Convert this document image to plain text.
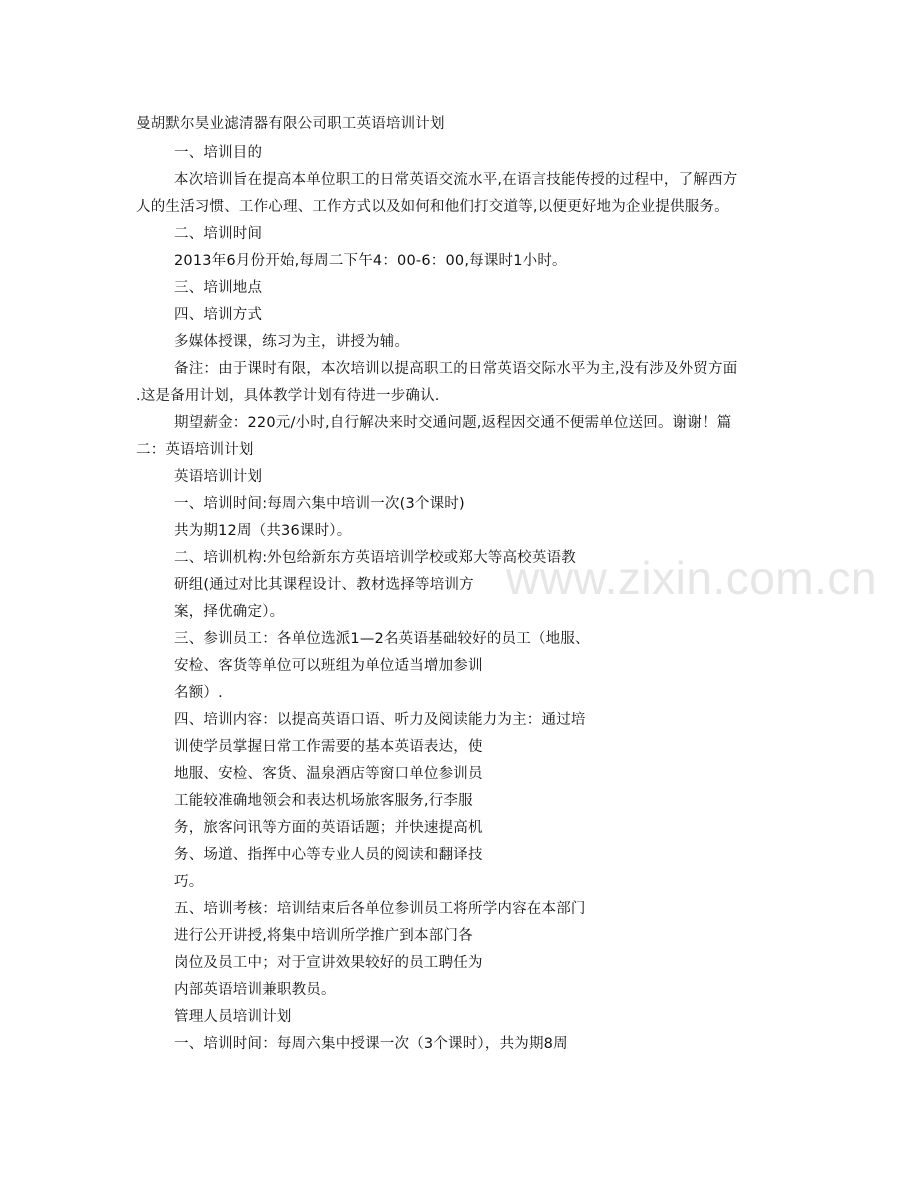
曼胡默尔昊业滤清器有限公司职工英语培训计划
一、培训目的
本次培训旨在提高本单位职工的日常英语交流水平,在语言技能传授的过程中，了解西方
人的生活习惯、工作心理、工作方式以及如何和他们打交道等,以便更好地为企业提供服务。
二、培训时间
2013年6月份开始,每周二下午4：00-6：00,每课时1小时。
三、培训地点
四、培训方式
多媒体授课，练习为主，讲授为辅。
备注：由于课时有限，本次培训以提高职工的日常英语交际水平为主,没有涉及外贸方面
.这是备用计划，具体教学计划有待进一步确认.
期望薪金：220元/小时,自行解决来时交通问题,返程因交通不便需单位送回。谢谢！篇
二：英语培训计划
英语培训计划
一、培训时间:每周六集中培训一次(3个课时)
共为期12周（共36课时）。
二、培训机构:外包给新东方英语培训学校或郑大等高校英语教
研组(通过对比其课程设计、教材选择等培训方
案，择优确定）。
三、参训员工：各单位选派1—2名英语基础较好的员工（地服、
安检、客货等单位可以班组为单位适当增加参训
名额）.
四、培训内容：以提高英语口语、听力及阅读能力为主：通过培
训使学员掌握日常工作需要的基本英语表达，使
地服、安检、客货、温泉酒店等窗口单位参训员
工能较准确地领会和表达机场旅客服务,行李服
务，旅客问讯等方面的英语话题；并快速提高机
务、场道、指挥中心等专业人员的阅读和翻译技
巧。
五、培训考核：培训结束后各单位参训员工将所学内容在本部门
进行公开讲授,将集中培训所学推广到本部门各
岗位及员工中；对于宣讲效果较好的员工聘任为
内部英语培训兼职教员。
管理人员培训计划
一、培训时间：每周六集中授课一次（3个课时），共为期8周
www.zixin.com.cn
